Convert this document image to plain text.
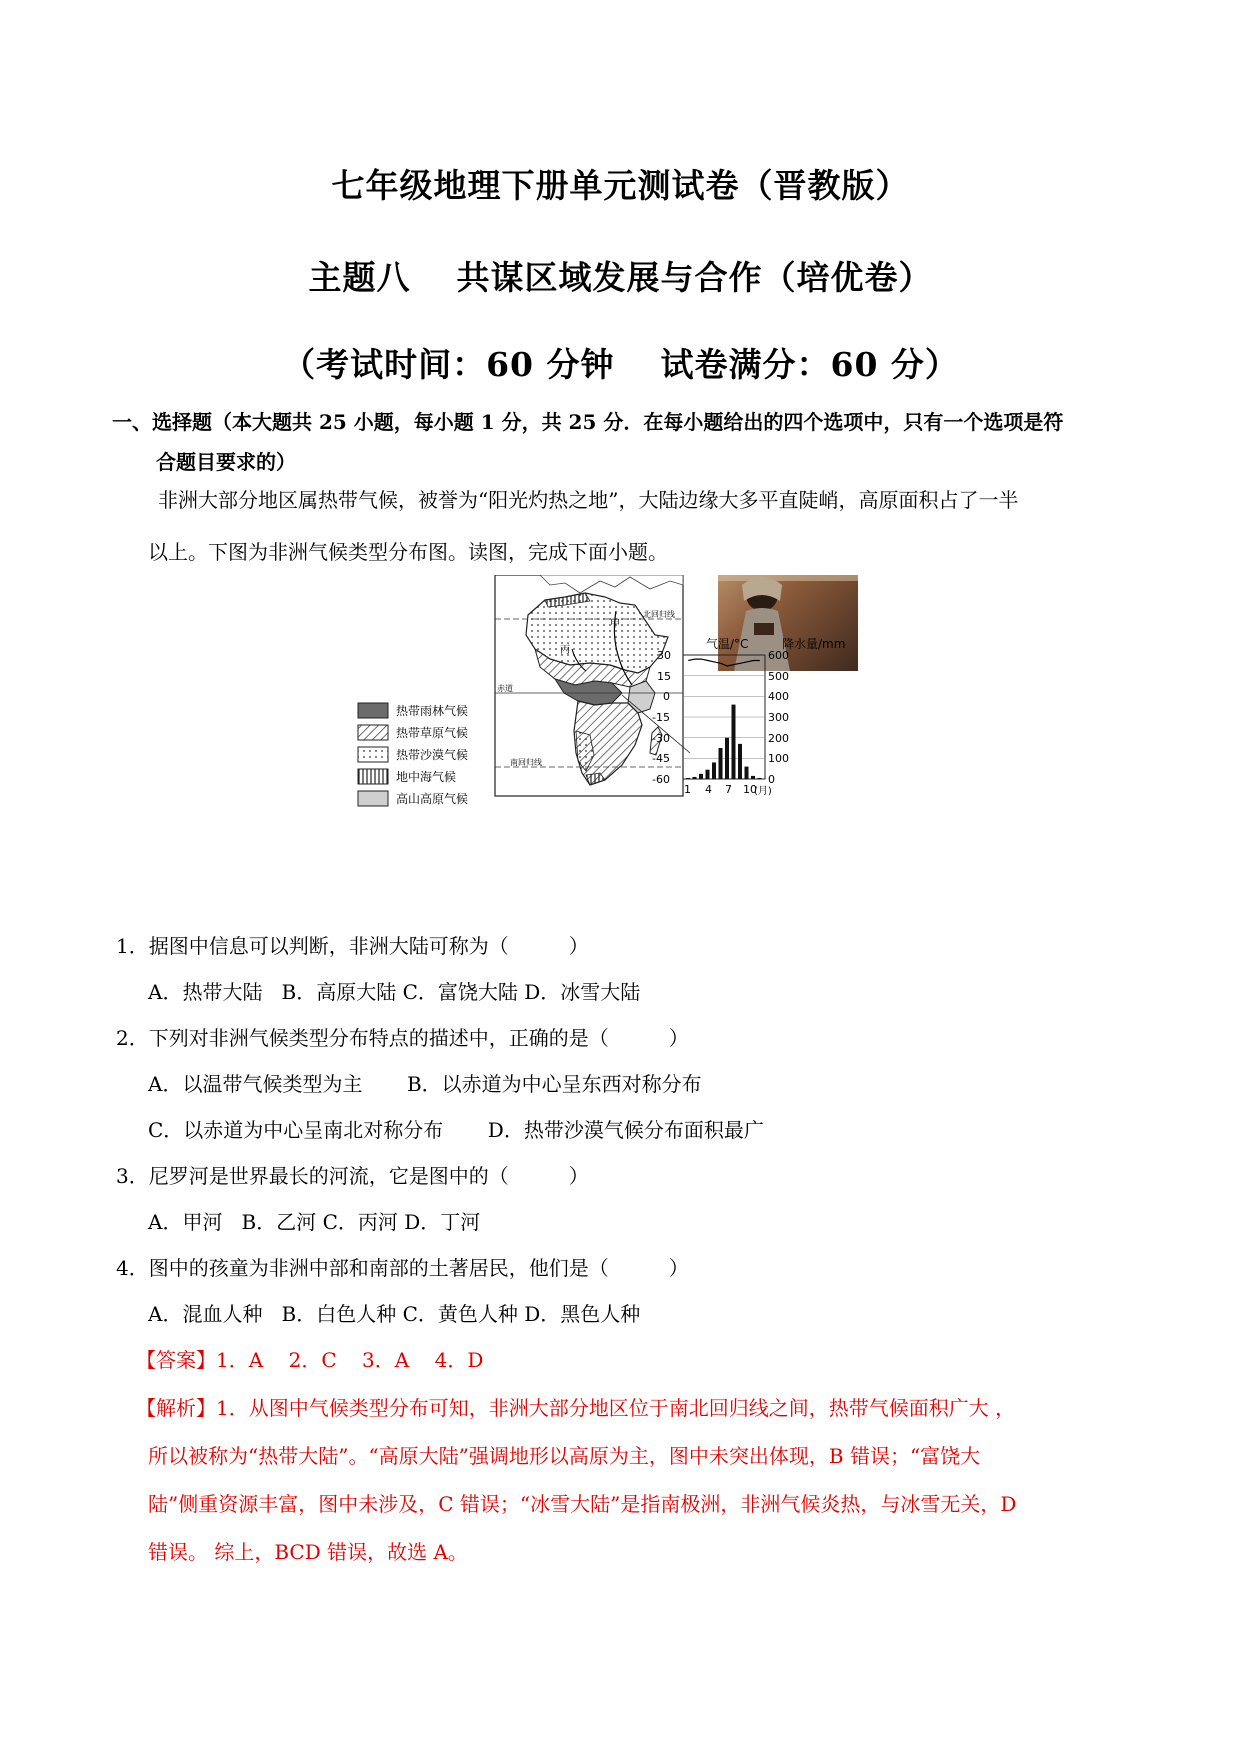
七年级地理下册单元测试卷（晋教版）
主题八 共谋区域发展与合作（培优卷）
（考试时间：60 分钟 试卷满分：60 分）
一、选择题（本大题共 25 小题，每小题 1 分，共 25 分．在每小题给出的四个选项中，只有一个选项是符
合题目要求的）
非洲大部分地区属热带气候，被誉为“阳光灼热之地”，大陆边缘大多平直陡峭，高原面积占了一半
以上。下图为非洲气候类型分布图。读图，完成下面小题。
热带雨林气候
热带草原气候
热带沙漠气候
地中海气候
高山高原气候
北回归线
赤道
南回归线
甲
丙	气温/°C	降水量/mm
30
15
0
-15
-30
-45
-60
600
500
400
300
200
100
0
1 4 7 10
(月)
1．据图中信息可以判断，非洲大陆可称为（　　　）
A．热带大陆   B．高原大陆 C．富饶大陆 D．冰雪大陆
2．下列对非洲气候类型分布特点的描述中，正确的是（　　　）
A．以温带气候类型为主       B．以赤道为中心呈东西对称分布
C．以赤道为中心呈南北对称分布       D．热带沙漠气候分布面积最广
3．尼罗河是世界最长的河流，它是图中的（　　　）
A．甲河   B．乙河 C．丙河 D．丁河
4．图中的孩童为非洲中部和南部的土著居民，他们是（　　　）
A．混血人种   B．白色人种 C．黄色人种 D．黑色人种
【答案】1．A    2．C    3．A    4．D
【解析】1．从图中气候类型分布可知，非洲大部分地区位于南北回归线之间，热带气候面积广大 ，
所以被称为“热带大陆”。“高原大陆”强调地形以高原为主，图中未突出体现，B 错误；“富饶大
陆”侧重资源丰富，图中未涉及，C 错误；“冰雪大陆”是指南极洲，非洲气候炎热，与冰雪无关，D
错误。 综上，BCD 错误，故选 A。
